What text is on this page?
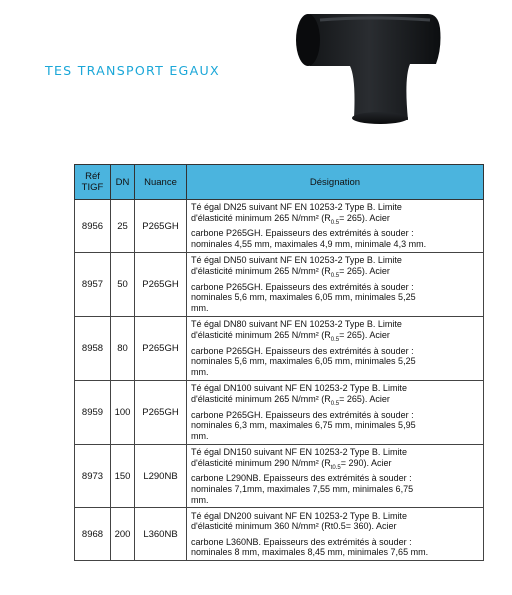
TES TRANSPORT EGAUX
Réf
TIGF	DN	Nuance	Désignation
8956	25	P265GH	Té égal DN25 suivant NF EN 10253-2 Type B. Limite
d'élasticité minimum 265 N/mm² $(R_{0.5}= 265)$. Acier
carbone P265GH. Epaisseurs des extrémités à souder :
nominales 4,55 mm, maximales 4,9 mm, minimale 4,3 mm.
8957	50	P265GH	Té égal DN50 suivant NF EN 10253-2 Type B. Limite
d'élasticité minimum 265 N/mm² $(R_{0.5}= 265)$. Acier
carbone P265GH. Epaisseurs des extrémités à souder :
nominales 5,6 mm, maximales 6,05 mm, minimales 5,25
mm.
8958	80	P265GH	Té égal DN80 suivant NF EN 10253-2 Type B. Limite
d'élasticité minimum 265 N/mm² $(R_{0.5}= 265)$. Acier
carbone P265GH. Epaisseurs des extrémités à souder :
nominales 5,6 mm, maximales 6,05 mm, minimales 5,25
mm.
8959	100	P265GH	Té égal DN100 suivant NF EN 10253-2 Type B. Limite
d'élasticité minimum 265 N/mm² $(R_{0.5}= 265)$. Acier
carbone P265GH. Epaisseurs des extrémités à souder :
nominales 6,3 mm, maximales 6,75 mm, minimales 5,95
mm.
8973	150	L290NB	Té égal DN150 suivant NF EN 10253-2 Type B. Limite
d'élasticité minimum 290 N/mm² $(R_{t0.5}= 290)$. Acier
carbone L290NB. Epaisseurs des extrémités à souder :
nominales 7,1mm, maximales 7,55 mm, minimales 6,75
mm.
8968	200	L360NB	Té égal DN200 suivant NF EN 10253-2 Type B. Limite
d'élasticité minimum 360 N/mm² (Rt0.5= 360). Acier
carbone L360NB. Epaisseurs des extrémités à souder :
nominales 8 mm, maximales 8,45 mm, minimales 7,65 mm.
